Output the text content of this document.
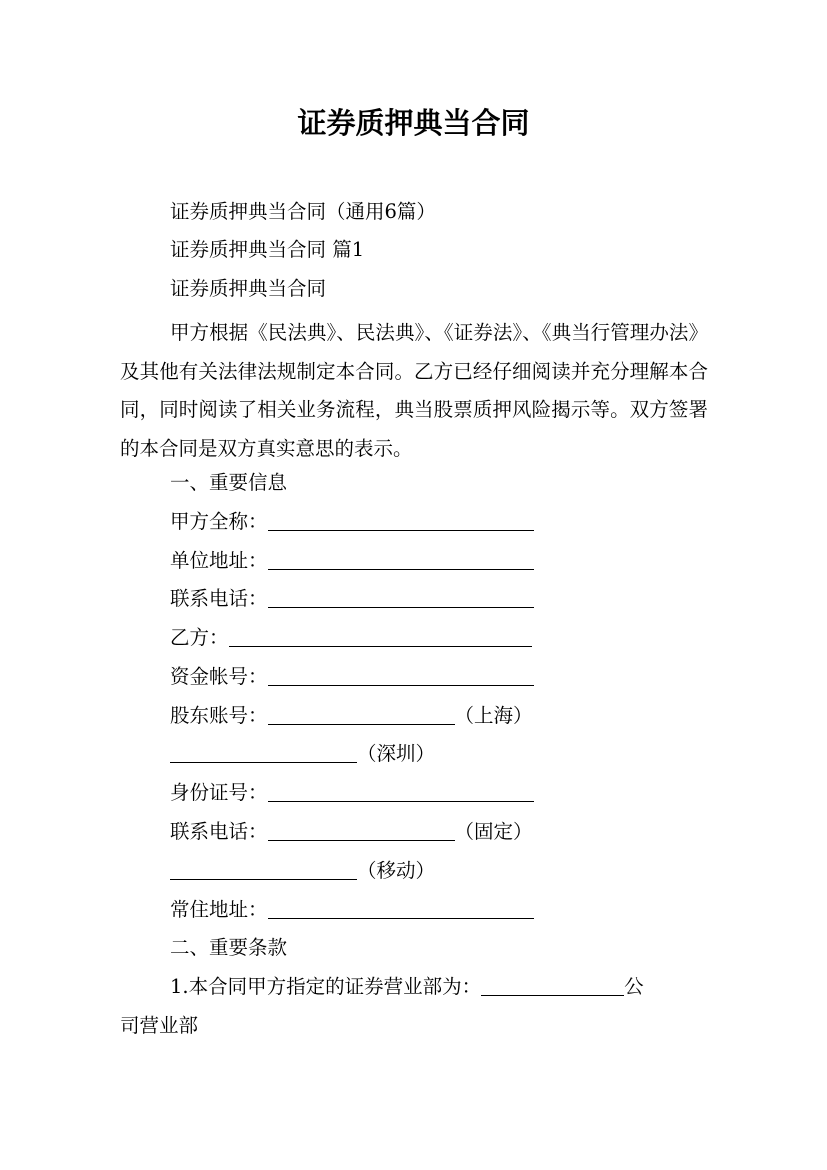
证券质押典当合同
证券质押典当合同（通用6篇）
证券质押典当合同 篇1
证券质押典当合同
甲方根据《民法典》、民法典》、《证券法》、《典当行管理办法》及其他有关法律法规制定本合同。乙方已经仔细阅读并充分理解本合同，同时阅读了相关业务流程，典当股票质押风险揭示等。双方签署的本合同是双方真实意思的表示。
一、重要信息
甲方全称：
单位地址：
联系电话：
乙方：
资金帐号：
股东账号：	（上海）
（深圳）
身份证号：
联系电话：	（固定）
（移动）
常住地址：
二、重要条款
1.本合同甲方指定的证券营业部为：	公
司营业部
